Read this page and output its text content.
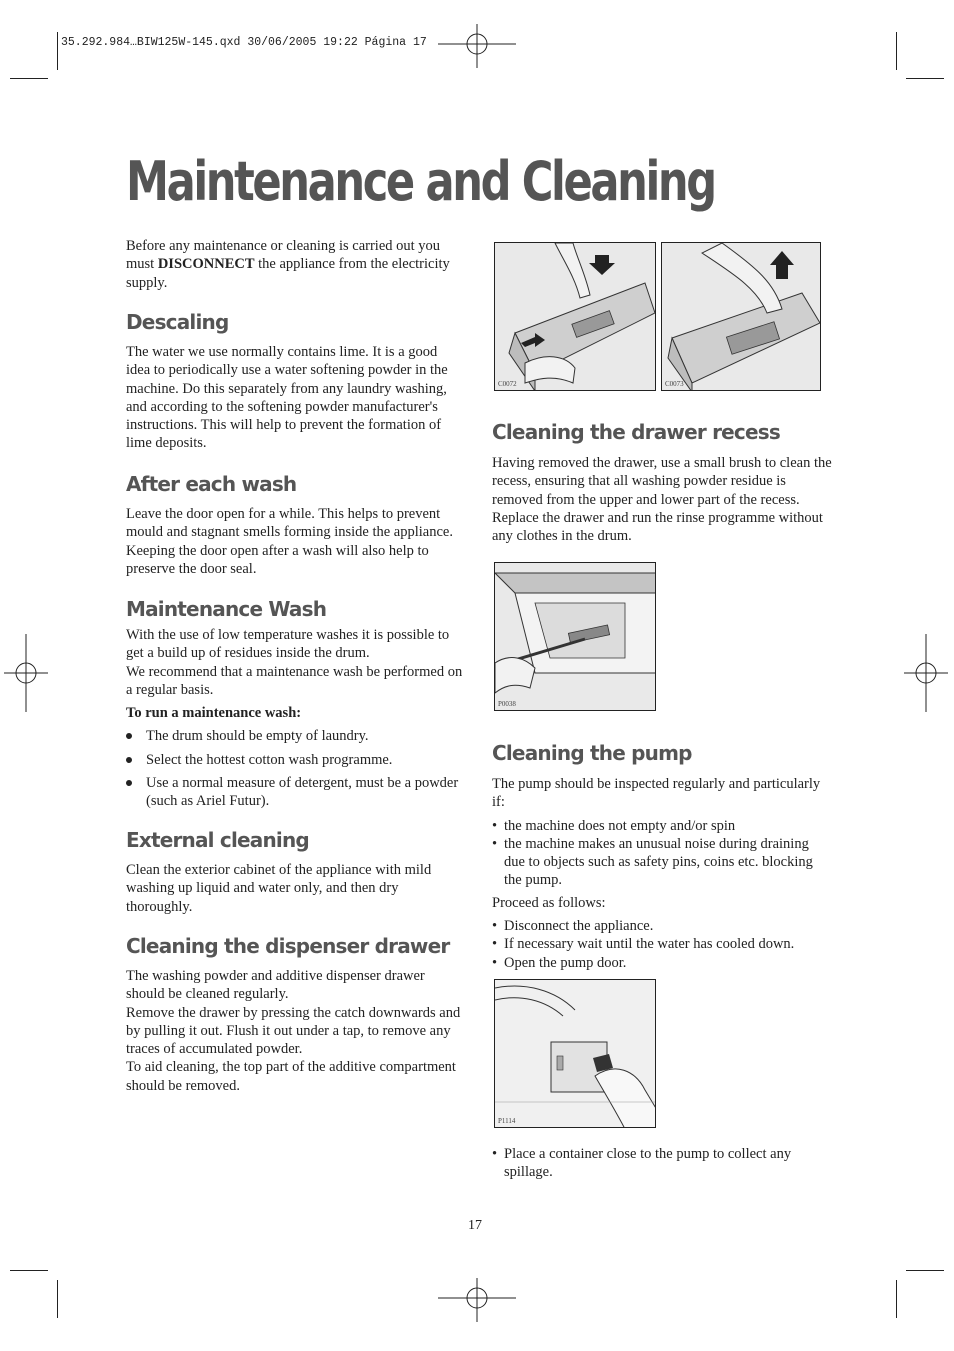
35.292.984…BIW125W-145.qxd 30/06/2005 19:22 Página 17
Maintenance and Cleaning

Before any maintenance or cleaning is carried out you must DISCONNECT the appliance from the electricity supply.

Descaling

The water we use normally contains lime. It is a good idea to periodically use a water softening powder in the machine. Do this separately from any laundry washing, and according to the softening powder manufacturer's instructions. This will help to prevent the formation of lime deposits.

After each wash

Leave the door open for a while. This helps to prevent mould and stagnant smells forming inside the appliance. Keeping the door open after a wash will also help to preserve the door seal.

Maintenance Wash

With the use of low temperature washes it is possible to get a build up of residues inside the drum.

We recommend that a maintenance wash be performed on a regular basis.

To run a maintenance wash:

The drum should be empty of laundry.
Select the hottest cotton wash programme.
Use a normal measure of detergent, must be a powder (such as Ariel Futur).
External cleaning

Clean the exterior cabinet of the appliance with mild washing up liquid and water only, and then dry thoroughly.

Cleaning the dispenser drawer

The washing powder and additive dispenser drawer should be cleaned regularly.

Remove the drawer by pressing the catch downwards and by pulling it out. Flush it out under a tap, to remove any traces of accumulated powder.

To aid cleaning, the top part of the additive compartment should be removed.

C0072	C0073
Cleaning the drawer recess

Having removed the drawer, use a small brush to clean the recess, ensuring that all washing powder residue is removed from the upper and lower part of the recess. Replace the drawer and run the rinse programme without any clothes in the drum.

P0038
Cleaning the pump

The pump should be inspected regularly and particularly if:

• the machine does not empty and/or spin
• the machine makes an unusual noise during draining due to objects such as safety pins, coins etc. blocking the pump.

Proceed as follows:

• Disconnect the appliance.
• If necessary wait until the water has cooled down.
• Open the pump door.
P1114
• Place a container close to the pump to collect any spillage.
17
